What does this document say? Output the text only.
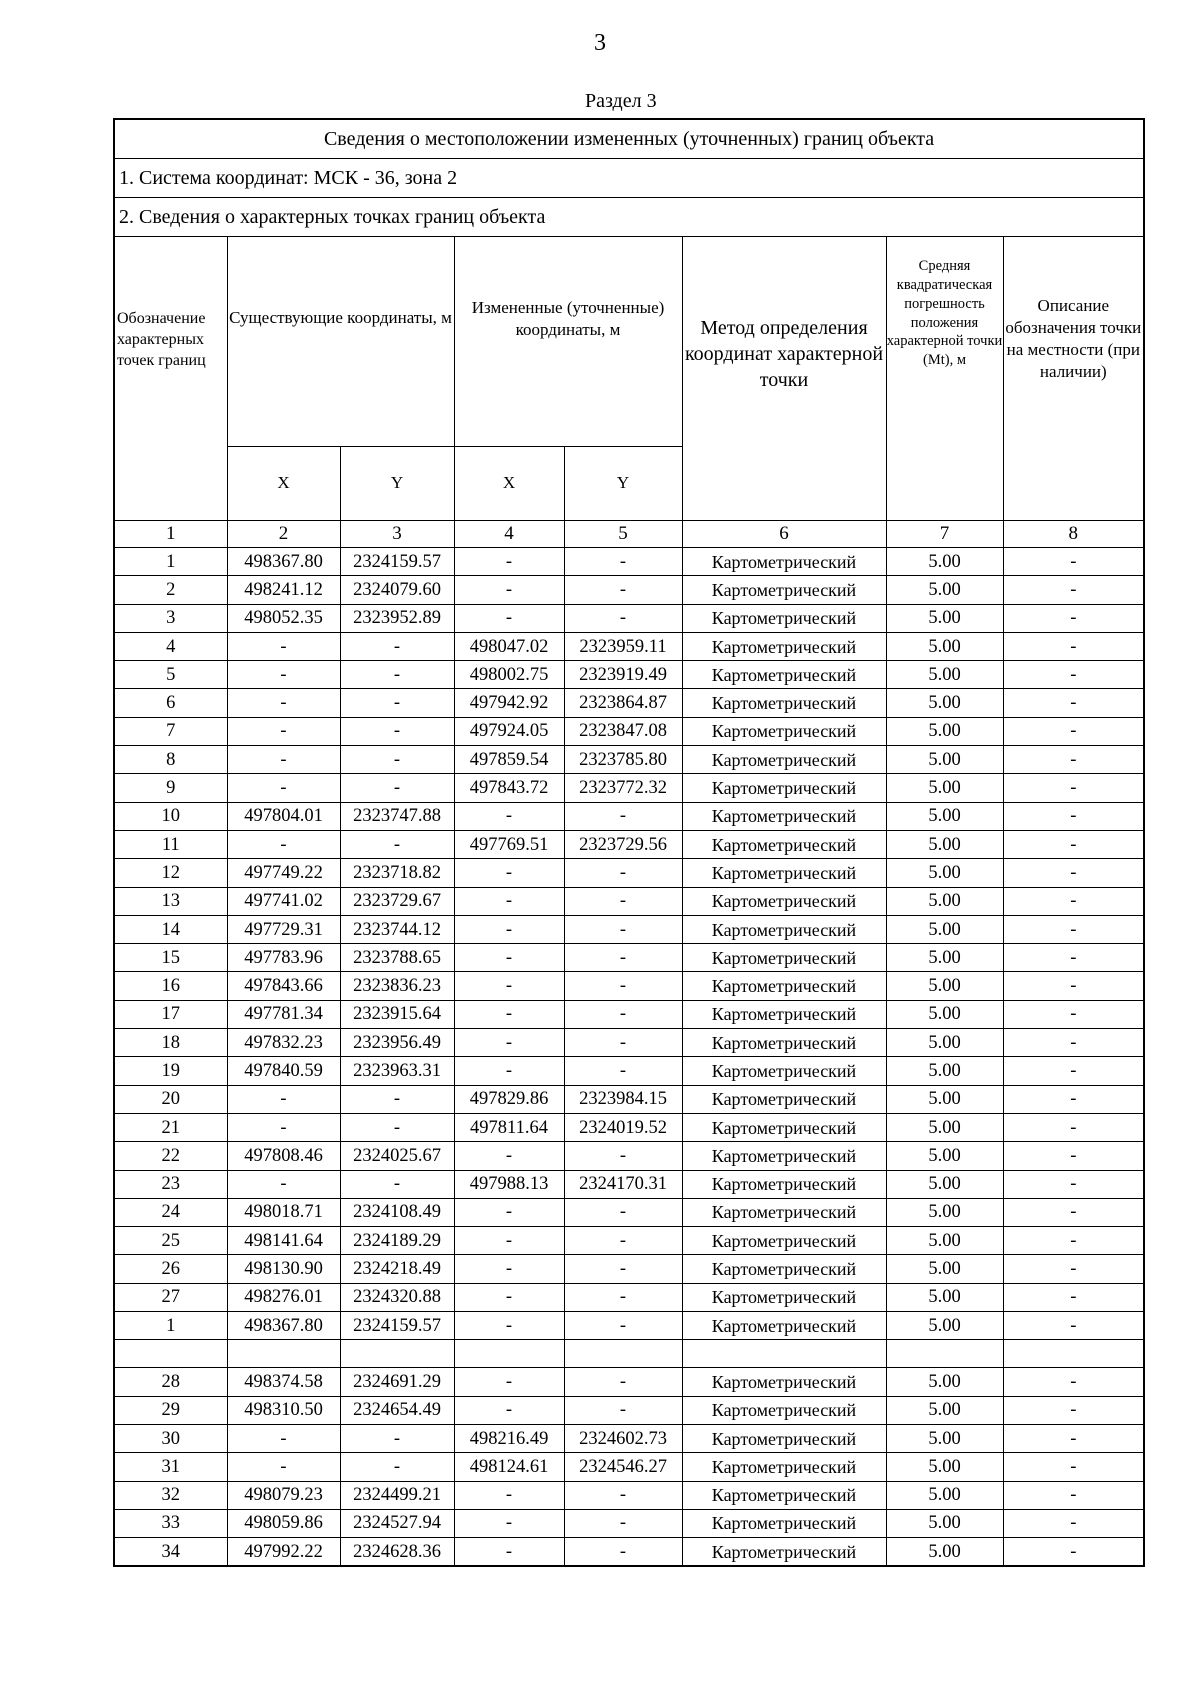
3
Раздел 3
Сведения о местоположении измененных (уточненных) границ объекта							
1. Система координат: МСК - 36, зона 2							
2. Сведения о характерных точках границ объекта							
Обозначение характерных точек границ	Существующие координаты, м		Измененные (уточненные) координаты, м		Метод определения координат характерной точки	Средняя квадратическая погрешность положения характерной точки (Mt), м	Описание обозначения точки на местности (при наличии)
	X	Y	X	Y			
1	2	3	4	5	6	7	8
1	498367.80	2324159.57	-	-	Картометрический	5.00	-
2	498241.12	2324079.60	-	-	Картометрический	5.00	-
3	498052.35	2323952.89	-	-	Картометрический	5.00	-
4	-	-	498047.02	2323959.11	Картометрический	5.00	-
5	-	-	498002.75	2323919.49	Картометрический	5.00	-
6	-	-	497942.92	2323864.87	Картометрический	5.00	-
7	-	-	497924.05	2323847.08	Картометрический	5.00	-
8	-	-	497859.54	2323785.80	Картометрический	5.00	-
9	-	-	497843.72	2323772.32	Картометрический	5.00	-
10	497804.01	2323747.88	-	-	Картометрический	5.00	-
11	-	-	497769.51	2323729.56	Картометрический	5.00	-
12	497749.22	2323718.82	-	-	Картометрический	5.00	-
13	497741.02	2323729.67	-	-	Картометрический	5.00	-
14	497729.31	2323744.12	-	-	Картометрический	5.00	-
15	497783.96	2323788.65	-	-	Картометрический	5.00	-
16	497843.66	2323836.23	-	-	Картометрический	5.00	-
17	497781.34	2323915.64	-	-	Картометрический	5.00	-
18	497832.23	2323956.49	-	-	Картометрический	5.00	-
19	497840.59	2323963.31	-	-	Картометрический	5.00	-
20	-	-	497829.86	2323984.15	Картометрический	5.00	-
21	-	-	497811.64	2324019.52	Картометрический	5.00	-
22	497808.46	2324025.67	-	-	Картометрический	5.00	-
23	-	-	497988.13	2324170.31	Картометрический	5.00	-
24	498018.71	2324108.49	-	-	Картометрический	5.00	-
25	498141.64	2324189.29	-	-	Картометрический	5.00	-
26	498130.90	2324218.49	-	-	Картометрический	5.00	-
27	498276.01	2324320.88	-	-	Картометрический	5.00	-
1	498367.80	2324159.57	-	-	Картометрический	5.00	-

28	498374.58	2324691.29	-	-	Картометрический	5.00	-
29	498310.50	2324654.49	-	-	Картометрический	5.00	-
30	-	-	498216.49	2324602.73	Картометрический	5.00	-
31	-	-	498124.61	2324546.27	Картометрический	5.00	-
32	498079.23	2324499.21	-	-	Картометрический	5.00	-
33	498059.86	2324527.94	-	-	Картометрический	5.00	-
34	497992.22	2324628.36	-	-	Картометрический	5.00	-
